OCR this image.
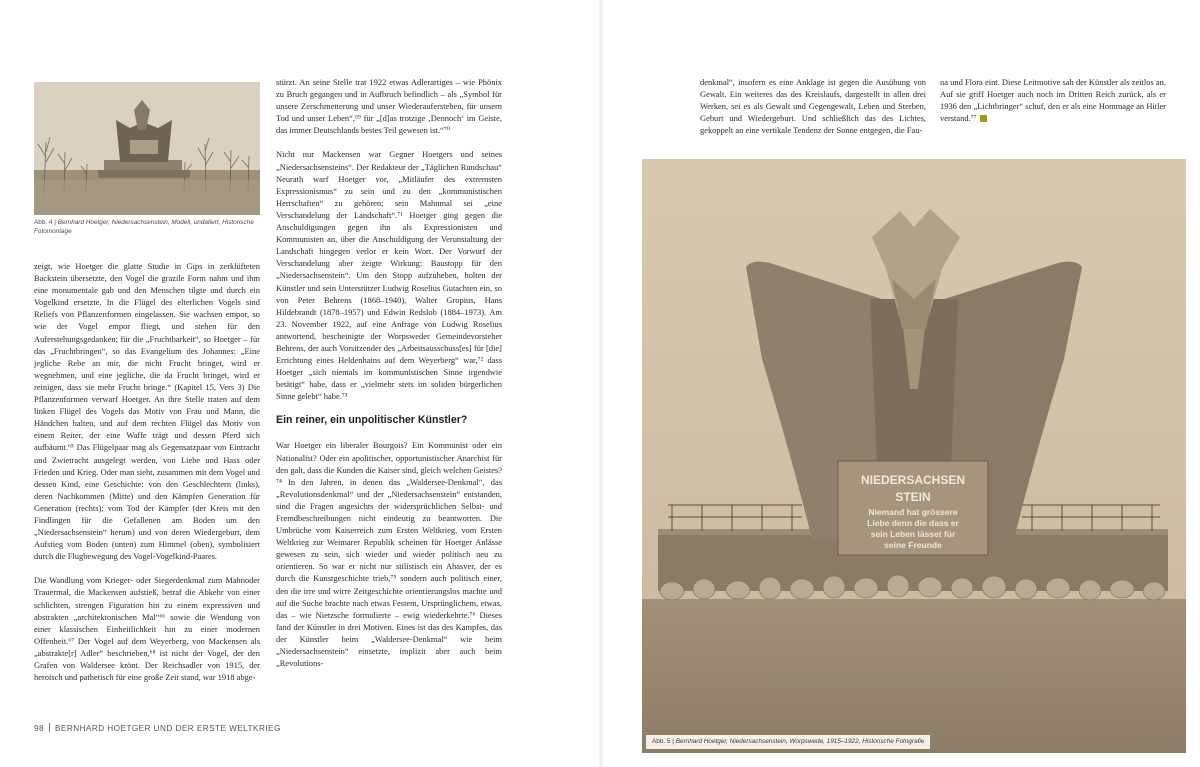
Abb. 4 | Bernhard Hoetger, Niedersachsenstein, Modell, undatiert, Historische Fotomontage

zeigt, wie Hoetger die glatte Studie in Gips in zerklüfteten Backstein übersetzte, den Vogel die grazile Form nahm und ihm eine monumentale gab und den Menschen tilgte und durch ein Vogelkind ersetzte. In die Flügel des elterlichen Vogels sind Reliefs von Pflanzenformen eingelassen. Sie wachsen empor, so wie der Vogel empor fliegt, und stehen für den Auferstehungsgedanken; für die „Fruchtbarkeit“, so Hoetger – für das „Fruchtbringen“, so das Evangelium des Johannes: „Eine jegliche Rebe an mir, die nicht Frucht bringet, wird er wegnehmen, und eine jegliche, die da Frucht bringet, wird er reinigen, dass sie mehr Frucht bringe.“ (Kapitel 15, Vers 3) Die Pflanzenformen verwarf Hoetger. An ihre Stelle traten auf dem linken Flügel des Vogels das Motiv von Frau und Mann, die Händchen halten, und auf dem rechten Flügel das Motiv von einem Reiter, der eine Waffe trägt und dessen Pferd sich aufbäumt.⁶⁵ Das Flügelpaar mag als Gegensatzpaar von Eintracht und Zwietracht ausgelegt werden, von Liebe und Hass oder Frieden und Krieg. Oder man sieht, zusammen mit dem Vogel und dessen Kind, eine Geschichte: von den Geschlechtern (links), deren Nachkommen (Mitte) und den Kämpfen Generation für Generation (rechts); vom Tod der Kämpfer (der Kreis mit den Findlingen für die Gefallenen am Boden um den „Niedersachsenstein“ herum) und von deren Wiedergeburt, dem Aufstieg vom Boden (unten) zum Himmel (oben), symbolisiert durch die Flugbewegung des Vogel-Vogelkind-Paares.

Die Wandlung vom Krieger- oder Siegerdenkmal zum Mahnoder Trauermal, die Mackensen aufstieß, betraf die Abkehr von einer schlichten, strengen Figuration hin zu einem expressiven und abstrakten „architektonischen Mal“⁶⁶ sowie die Wendung von einer klassischen Einheitlichkeit hin zu einer modernen Offenheit.⁶⁷ Der Vogel auf dem Weyerberg, von Mackensen als „abstrakte[r] Adler“ beschrieben,⁶⁸ ist nicht der Vogel, der den Grafen von Waldersee krönt. Der Reichsadler von 1915, der heroisch und pathetisch für eine große Zeit stand, war 1918 abge-

stürzt. An seine Stelle trat 1922 etwas Adlerartiges – wie Phönix zu Bruch gegangen und in Aufbruch befindlich – als „Symbol für unsere Zerschmetterung und unser Wiederauferstehen, für unsern Tod und unser Leben“,⁶⁹ für „[d]as trotzige ‚Dennoch‘ im Geiste, das immer Deutschlands bestes Teil gewesen ist.“⁷⁰

Nicht nur Mackensen war Gegner Hoetgers und seines „Niedersachsensteins“. Der Redakteur der „Täglichen Rundschau“ Neurath warf Hoetger vor, „Mitläufer des extremsten Expressionismus“ zu sein und zu den „kommunistischen Herrschaften“ zu gehören; sein Mahnmal sei „eine Verschandelung der Landschaft“.⁷¹ Hoetger ging gegen die Anschuldigungen gegen ihn als Expressionisten und Kommunisten an, über die Anschuldigung der Verunstaltung der Landschaft hingegen verlor er kein Wort. Der Vorwurf der Verschandelung aber zeigte Wirkung: Baustopp für den „Niedersachsenstein“. Um den Stopp aufzuheben, holten der Künstler und sein Unterstützer Ludwig Roselius Gutachten ein, so von Peter Behrens (1868–1940), Walter Gropius, Hans Hildebrandt (1878–1957) und Edwin Redslob (1884–1973). Am 23. November 1922, auf eine Anfrage von Ludwig Roselius antwortend, bescheinigte der Worpsweder Gemeindevorsteher Behrens, der auch Vorsitzender des „Arbeitsausschuss[es] für [die] Errichtung eines Heldenhains auf dem Weyerberg“ war,⁷² dass Hoetger „sich niemals im kommunistischen Sinne irgendwie betätigt“ habe, dass er „vielmehr stets im soliden bürgerlichen Sinne gelebt“ habe.⁷³

Ein reiner, ein unpolitischer Künstler?

War Hoetger ein liberaler Bourgois? Ein Kommunist oder ein Nationalist? Oder ein apolitischer, opportunistischer Anarchist für den galt, dass die Kunden die Kaiser sind, gleich welchen Geistes?⁷⁴ In den Jahren, in denen das „Waldersee-Denkmal“, das „Revolutionsdenkmal“ und der „Niedersachsenstein“ entstanden, sind die Fragen angesichts der widersprüchlichen Selbst- und Fremdbeschreibungen nicht eindeutig zu beantworten. Die Umbrüche vom Kaiserreich zum Ersten Weltkrieg, vom Ersten Weltkrieg zur Weimarer Republik scheinen für Hoetger Anlässe gewesen zu sein, sich wieder und wieder politisch neu zu orientieren. So war er nicht nur stilistisch ein Ahasver, der es durch die Kunstgeschichte trieb,⁷⁵ sondern auch politisch einer, den die irre und wirre Zeitgeschichte orientierungslos machte und auf die Suche brachte nach etwas Festem, Ursprünglichem, etwas, das – wie Nietzsche formulierte – ewig wiederkehrte.⁷⁶ Dieses fand der Künstler in drei Motiven. Eines ist das des Kampfes, das der Künstler beim „Waldersee-Denkmal“ wie beim „Niedersachsenstein“ einsetzte, implizit aber auch beim „Revolutions-

denkmal“, insofern es eine Anklage ist gegen die Ausübung von Gewalt. Ein weiteres das des Kreislaufs, dargestellt in allen drei Werken, sei es als Gewalt und Gegengewalt, Leben und Sterben, Geburt und Wiedergeburt. Und schließlich das des Lichtes, gekoppelt an eine vertikale Tendenz der Sonne entgegen, die Fau-

na und Flora eint. Diese Leitmotive sah der Künstler als zeitlos an. Auf sie griff Hoetger auch noch im Dritten Reich zurück, als er 1936 den „Lichtbringer“ schuf, den er als eine Hommage an Hitler verstand.⁷⁷

NIEDERSACHSEN
STEIN
Niemand hat grössere
Liebe denn die dass er
sein Leben lässet für
seine Freunde
Abb. 5 | Bernhard Hoetger, Niedersachsenstein, Worpswede, 1915–1922, Historische Fotografie
98 BERNHARD HOETGER UND DER ERSTE WELTKRIEG
